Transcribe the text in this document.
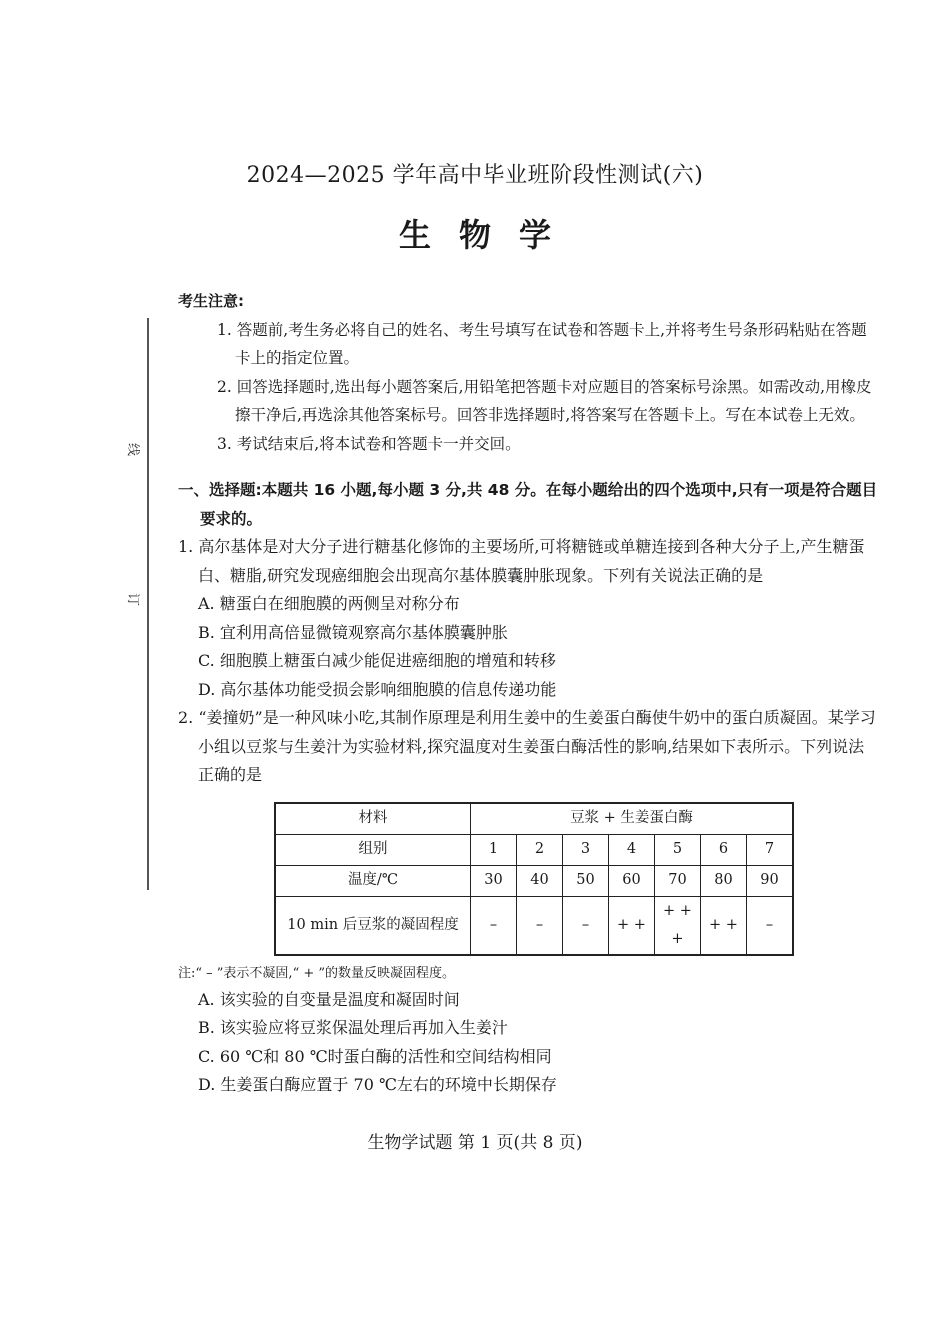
线
订
2024—2025 学年高中毕业班阶段性测试(六)
生物学
考生注意:
1. 答题前,考生务必将自己的姓名、考生号填写在试卷和答题卡上,并将考生号条形码粘贴在答题卡上的指定位置。
2. 回答选择题时,选出每小题答案后,用铅笔把答题卡对应题目的答案标号涂黑。如需改动,用橡皮擦干净后,再选涂其他答案标号。回答非选择题时,将答案写在答题卡上。写在本试卷上无效。
3. 考试结束后,将本试卷和答题卡一并交回。
一、选择题:本题共 16 小题,每小题 3 分,共 48 分。在每小题给出的四个选项中,只有一项是符合题目要求的。
1. 高尔基体是对大分子进行糖基化修饰的主要场所,可将糖链或单糖连接到各种大分子上,产生糖蛋白、糖脂,研究发现癌细胞会出现高尔基体膜囊肿胀现象。下列有关说法正确的是
A. 糖蛋白在细胞膜的两侧呈对称分布
B. 宜利用高倍显微镜观察高尔基体膜囊肿胀
C. 细胞膜上糖蛋白减少能促进癌细胞的增殖和转移
D. 高尔基体功能受损会影响细胞膜的信息传递功能
2. “姜撞奶”是一种风味小吃,其制作原理是利用生姜中的生姜蛋白酶使牛奶中的蛋白质凝固。某学习小组以豆浆与生姜汁为实验材料,探究温度对生姜蛋白酶活性的影响,结果如下表所示。下列说法正确的是
材料	豆浆 + 生姜蛋白酶						
组别	1	2	3	4	5	6	7
温度/℃	30	40	50	60	70	80	90
10 min 后豆浆的凝固程度	–	–	–	+ +	+ + +	+ +	–
注:“ – ”表示不凝固,“ + ”的数量反映凝固程度。
A. 该实验的自变量是温度和凝固时间
B. 该实验应将豆浆保温处理后再加入生姜汁
C. 60 ℃和 80 ℃时蛋白酶的活性和空间结构相同
D. 生姜蛋白酶应置于 70 ℃左右的环境中长期保存
生物学试题 第 1 页(共 8 页)
